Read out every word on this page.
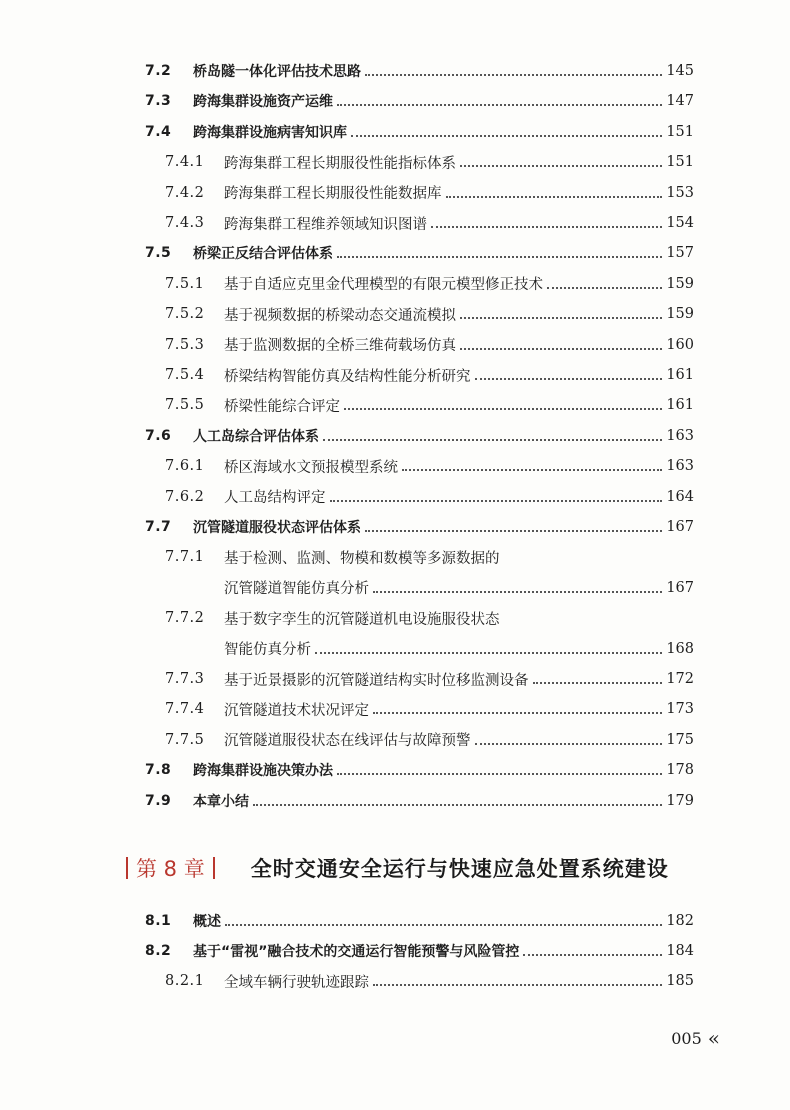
7.2 桥岛隧一体化评估技术思路	145
7.3 跨海集群设施资产运维	147
7.4 跨海集群设施病害知识库	151
7.4.1 跨海集群工程长期服役性能指标体系	151
7.4.2 跨海集群工程长期服役性能数据库	153
7.4.3 跨海集群工程维养领域知识图谱	154
7.5 桥梁正反结合评估体系	157
7.5.1 基于自适应克里金代理模型的有限元模型修正技术	159
7.5.2 基于视频数据的桥梁动态交通流模拟	159
7.5.3 基于监测数据的全桥三维荷载场仿真	160
7.5.4 桥梁结构智能仿真及结构性能分析研究	161
7.5.5 桥梁性能综合评定	161
7.6 人工岛综合评估体系	163
7.6.1 桥区海域水文预报模型系统	163
7.6.2 人工岛结构评定	164
7.7 沉管隧道服役状态评估体系	167
7.7.1 基于检测、监测、物模和数模等多源数据的
沉管隧道智能仿真分析	167
7.7.2 基于数字孪生的沉管隧道机电设施服役状态
智能仿真分析	168
7.7.3 基于近景摄影的沉管隧道结构实时位移监测设备	172
7.7.4 沉管隧道技术状况评定	173
7.7.5 沉管隧道服役状态在线评估与故障预警	175
7.8 跨海集群设施决策办法	178
7.9 本章小结	179
第 8 章 全时交通安全运行与快速应急处置系统建设
8.1 概述	182
8.2 基于“雷视”融合技术的交通运行智能预警与风险管控	184
8.2.1 全域车辆行驶轨迹跟踪	185
005 «
